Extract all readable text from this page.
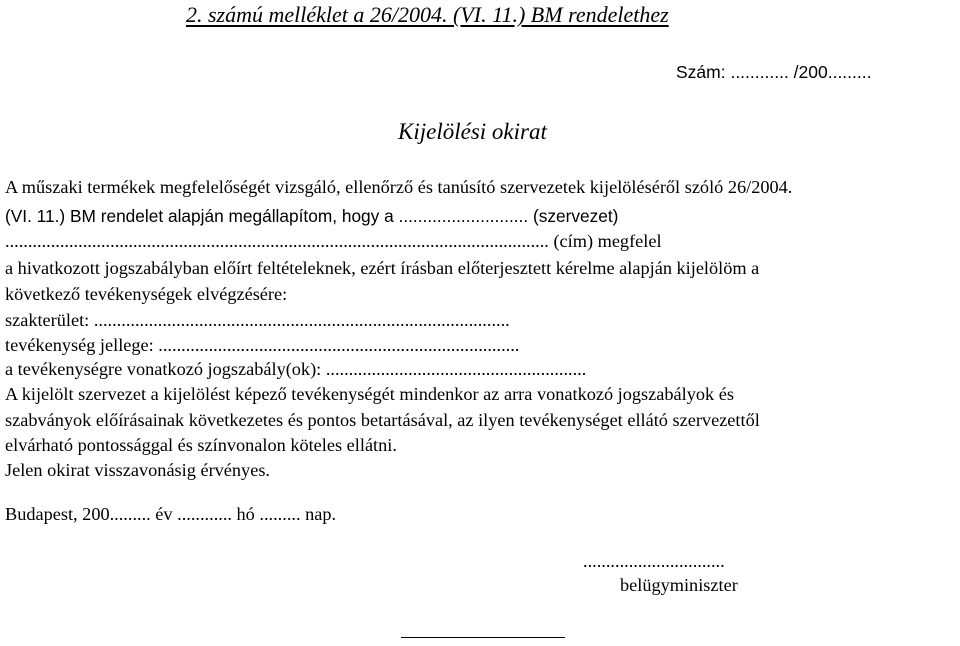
2. számú melléklet a 26/2004. (VI. 11.) BM rendelethez
Szám: ............ /200.........
Kijelölési okirat
A műszaki termékek megfelelőségét vizsgáló, ellenőrző és tanúsító szervezetek kijelöléséről szóló 26/2004.
(VI. 11.) BM rendelet alapján megállapítom, hogy a ........................... (szervezet)
....................................................................................................................... (cím) megfelel
a hivatkozott jogszabályban előírt feltételeknek, ezért írásban előterjesztett kérelme alapján kijelölöm a
következő tevékenységek elvégzésére:
szakterület: ...........................................................................................
tevékenység jellege: ...............................................................................
a tevékenységre vonatkozó jogszabály(ok): .........................................................
A kijelölt szervezet a kijelölést képező tevékenységét mindenkor az arra vonatkozó jogszabályok és
szabványok előírásainak következetes és pontos betartásával, az ilyen tevékenységet ellátó szervezettől
elvárható pontossággal és színvonalon köteles ellátni.
Jelen okirat visszavonásig érvényes.
Budapest, 200......... év ............ hó ......... nap.
...............................
belügyminiszter
